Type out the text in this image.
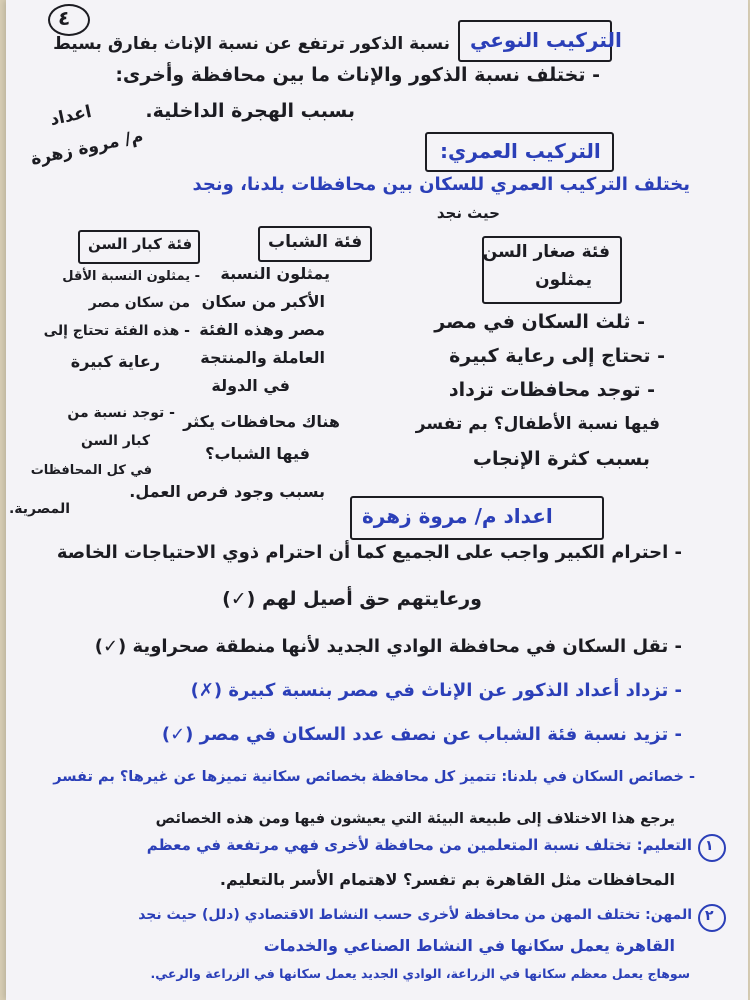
٤
التركيب النوعي
نسبة الذكور ترتفع عن نسبة الإناث بفارق بسيط
- تختلف نسبة الذكور والإناث ما بين محافظة وأخرى:
بسبب الهجرة الداخلية.
اعداد
م/ مروة زهرة	التركيب العمري:
يختلف التركيب العمري للسكان بين محافظات بلدنا، ونجد
حيث نجد
فئة صغار السن
يمثلون
- ثلث السكان في مصر
- تحتاج إلى رعاية كبيرة
- توجد محافظات تزداد
فيها نسبة الأطفال؟ بم تفسر
بسبب كثرة الإنجاب
فئة الشباب
يمثلون النسبة
الأكبر من سكان
مصر وهذه الفئة
العاملة والمنتجة
في الدولة
هناك محافظات يكثر
فيها الشباب؟
بسبب وجود فرص العمل.
فئة كبار السن
- يمثلون النسبة الأقل
من سكان مصر
- هذه الفئة تحتاج إلى
رعاية كبيرة
- توجد نسبة من
كبار السن
في كل المحافظات
المصرية.	اعداد م/ مروة زهرة
- احترام الكبير واجب على الجميع كما أن احترام ذوي الاحتياجات الخاصة
ورعايتهم حق أصيل لهم (✓)
- تقل السكان في محافظة الوادي الجديد لأنها منطقة صحراوية (✓)
- تزداد أعداد الذكور عن الإناث في مصر بنسبة كبيرة (✗)
- تزيد نسبة فئة الشباب عن نصف عدد السكان في مصر (✓)
- خصائص السكان في بلدنا: تتميز كل محافظة بخصائص سكانية تميزها عن غيرها؟ بم تفسر
يرجع هذا الاختلاف إلى طبيعة البيئة التي يعيشون فيها ومن هذه الخصائص
١
التعليم: تختلف نسبة المتعلمين من محافظة لأخرى فهي مرتفعة في معظم
المحافظات مثل القاهرة بم تفسر؟ لاهتمام الأسر بالتعليم.
٢
المهن: تختلف المهن من محافظة لأخرى حسب النشاط الاقتصادي (دلل) حيث نجد
القاهرة يعمل سكانها في النشاط الصناعي والخدمات
سوهاج يعمل معظم سكانها في الزراعة، الوادي الجديد يعمل سكانها في الزراعة والرعي.
